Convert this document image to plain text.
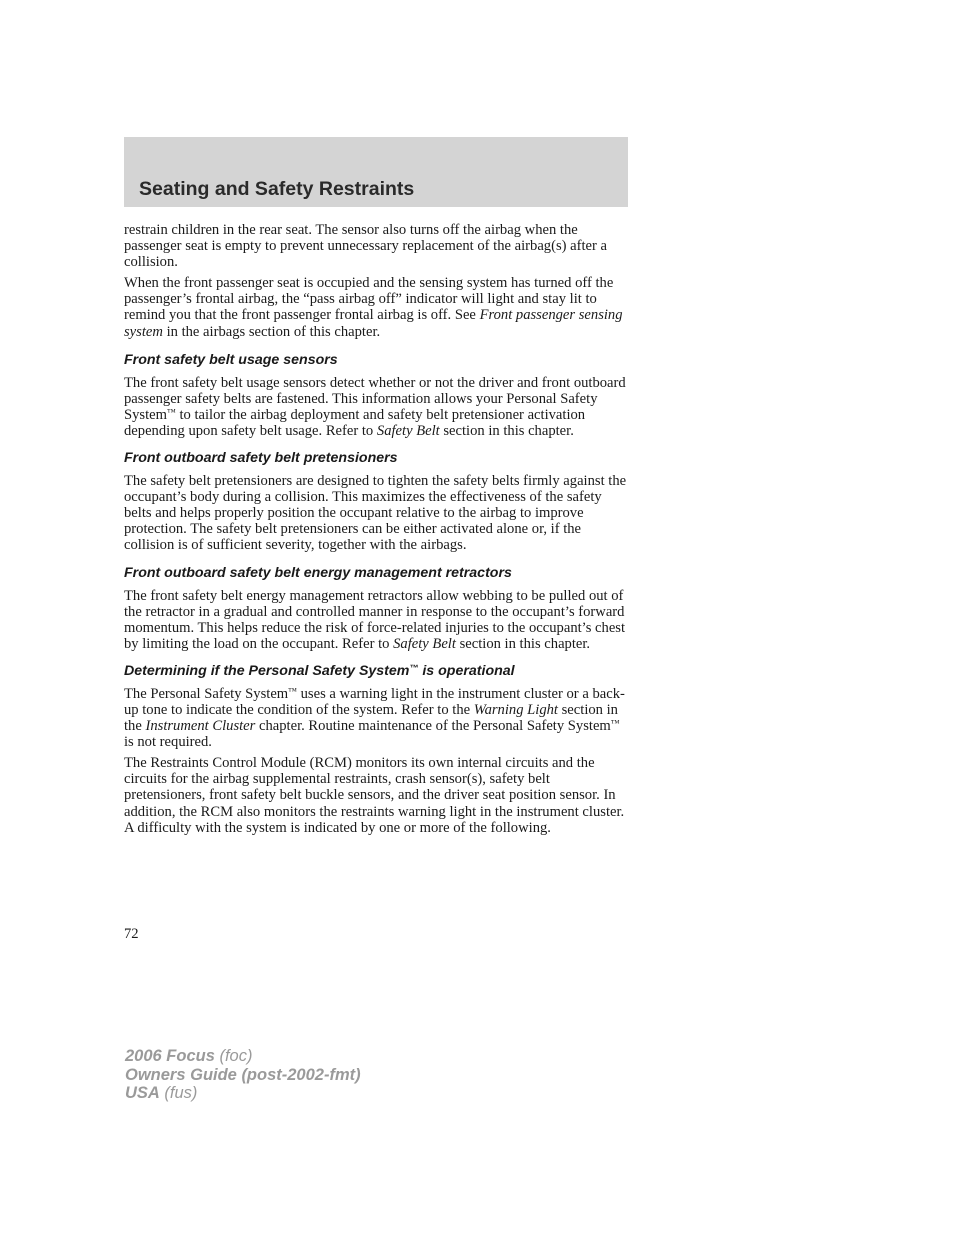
Seating and Safety Restraints

restrain children in the rear seat. The sensor also turns off the airbag when the passenger seat is empty to prevent unnecessary replacement of the airbag(s) after a collision.

When the front passenger seat is occupied and the sensing system has turned off the passenger’s frontal airbag, the “pass airbag off” indicator will light and stay lit to remind you that the front passenger frontal airbag is off. See Front passenger sensing system in the airbags section of this chapter.

Front safety belt usage sensors

The front safety belt usage sensors detect whether or not the driver and front outboard passenger safety belts are fastened. This information allows your Personal Safety System™ to tailor the airbag deployment and safety belt pretensioner activation depending upon safety belt usage. Refer to Safety Belt section in this chapter.

Front outboard safety belt pretensioners

The safety belt pretensioners are designed to tighten the safety belts firmly against the occupant’s body during a collision. This maximizes the effectiveness of the safety belts and helps properly position the occupant relative to the airbag to improve protection. The safety belt pretensioners can be either activated alone or, if the collision is of sufficient severity, together with the airbags.

Front outboard safety belt energy management retractors

The front safety belt energy management retractors allow webbing to be pulled out of the retractor in a gradual and controlled manner in response to the occupant’s forward momentum. This helps reduce the risk of force-related injuries to the occupant’s chest by limiting the load on the occupant. Refer to Safety Belt section in this chapter.

Determining if the Personal Safety System™ is operational

The Personal Safety System™ uses a warning light in the instrument cluster or a back-up tone to indicate the condition of the system. Refer to the Warning Light section in the Instrument Cluster chapter. Routine maintenance of the Personal Safety System™ is not required.

The Restraints Control Module (RCM) monitors its own internal circuits and the circuits for the airbag supplemental restraints, crash sensor(s), safety belt pretensioners, front safety belt buckle sensors, and the driver seat position sensor. In addition, the RCM also monitors the restraints warning light in the instrument cluster. A difficulty with the system is indicated by one or more of the following.

72
2006 Focus (foc)
Owners Guide (post-2002-fmt)
USA (fus)
